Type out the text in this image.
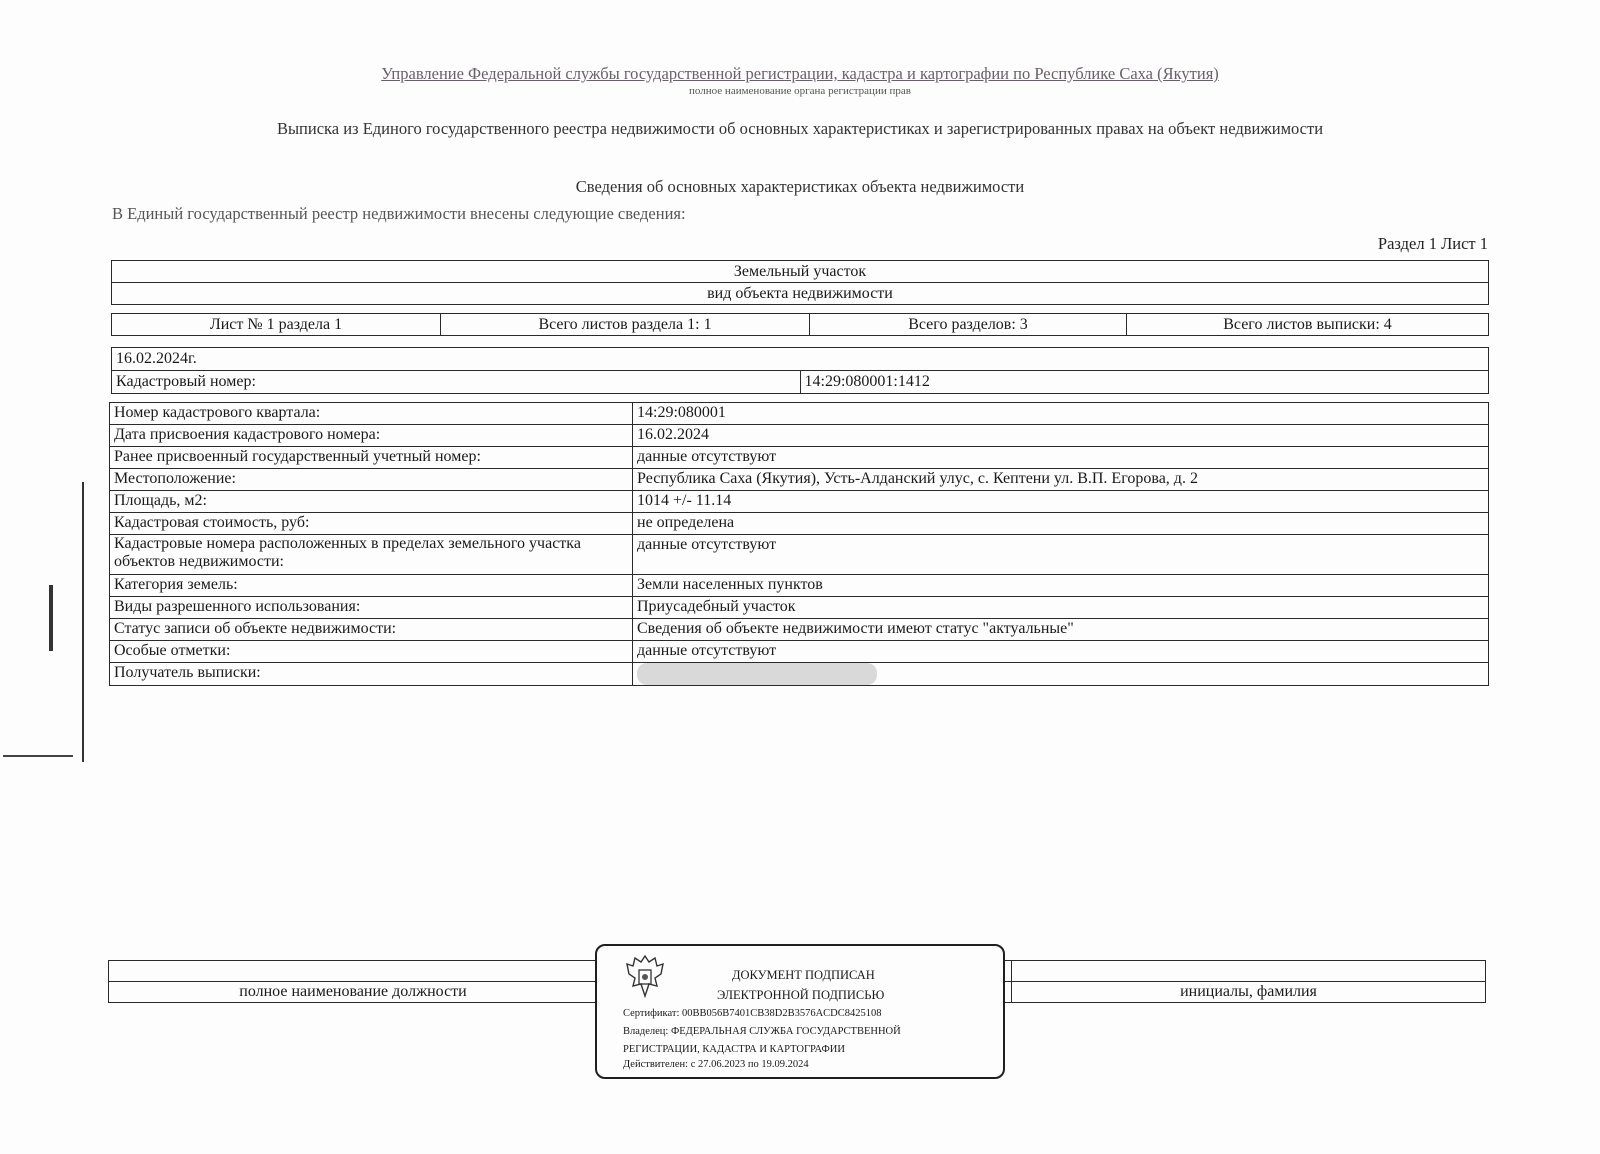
Управление Федеральной службы государственной регистрации, кадастра и картографии по Республике Саха (Якутия)
полное наименование органа регистрации прав
Выписка из Единого государственного реестра недвижимости об основных характеристиках и зарегистрированных правах на объект недвижимости
Сведения об основных характеристиках объекта недвижимости
В Единый государственный реестр недвижимости внесены следующие сведения:
Раздел 1 Лист 1
Земельный участок
вид объекта недвижимости
Лист № 1 раздела 1	Всего листов раздела 1: 1	Всего разделов: 3	Всего листов выписки: 4
16.02.2024г.
Кадастровый номер:	14:29:080001:1412
Номер кадастрового квартала:	14:29:080001
Дата присвоения кадастрового номера:	16.02.2024
Ранее присвоенный государственный учетный номер:	данные отсутствуют
Местоположение:	Республика Саха (Якутия), Усть-Алданский улус, с. Кептени ул. В.П. Егорова, д. 2
Площадь, м2:	1014 +/- 11.14
Кадастровая стоимость, руб:	не определена
Кадастровые номера расположенных в пределах земельного участка объектов недвижимости:	данные отсутствуют
Категория земель:	Земли населенных пунктов
Виды разрешенного использования:	Приусадебный участок
Статус записи об объекте недвижимости:	Сведения об объекте недвижимости имеют статус "актуальные"
Особые отметки:	данные отсутствуют
Получатель выписки:	

полное наименование должности		инициалы, фамилия
ДОКУМЕНТ ПОДПИСАН
ЭЛЕКТРОННОЙ ПОДПИСЬЮ
Сертификат: 00BB056B7401CB38D2B3576ACDC8425108
Владелец: ФЕДЕРАЛЬНАЯ СЛУЖБА ГОСУДАРСТВЕННОЙ
РЕГИСТРАЦИИ, КАДАСТРА И КАРТОГРАФИИ
Действителен: с 27.06.2023 по 19.09.2024
